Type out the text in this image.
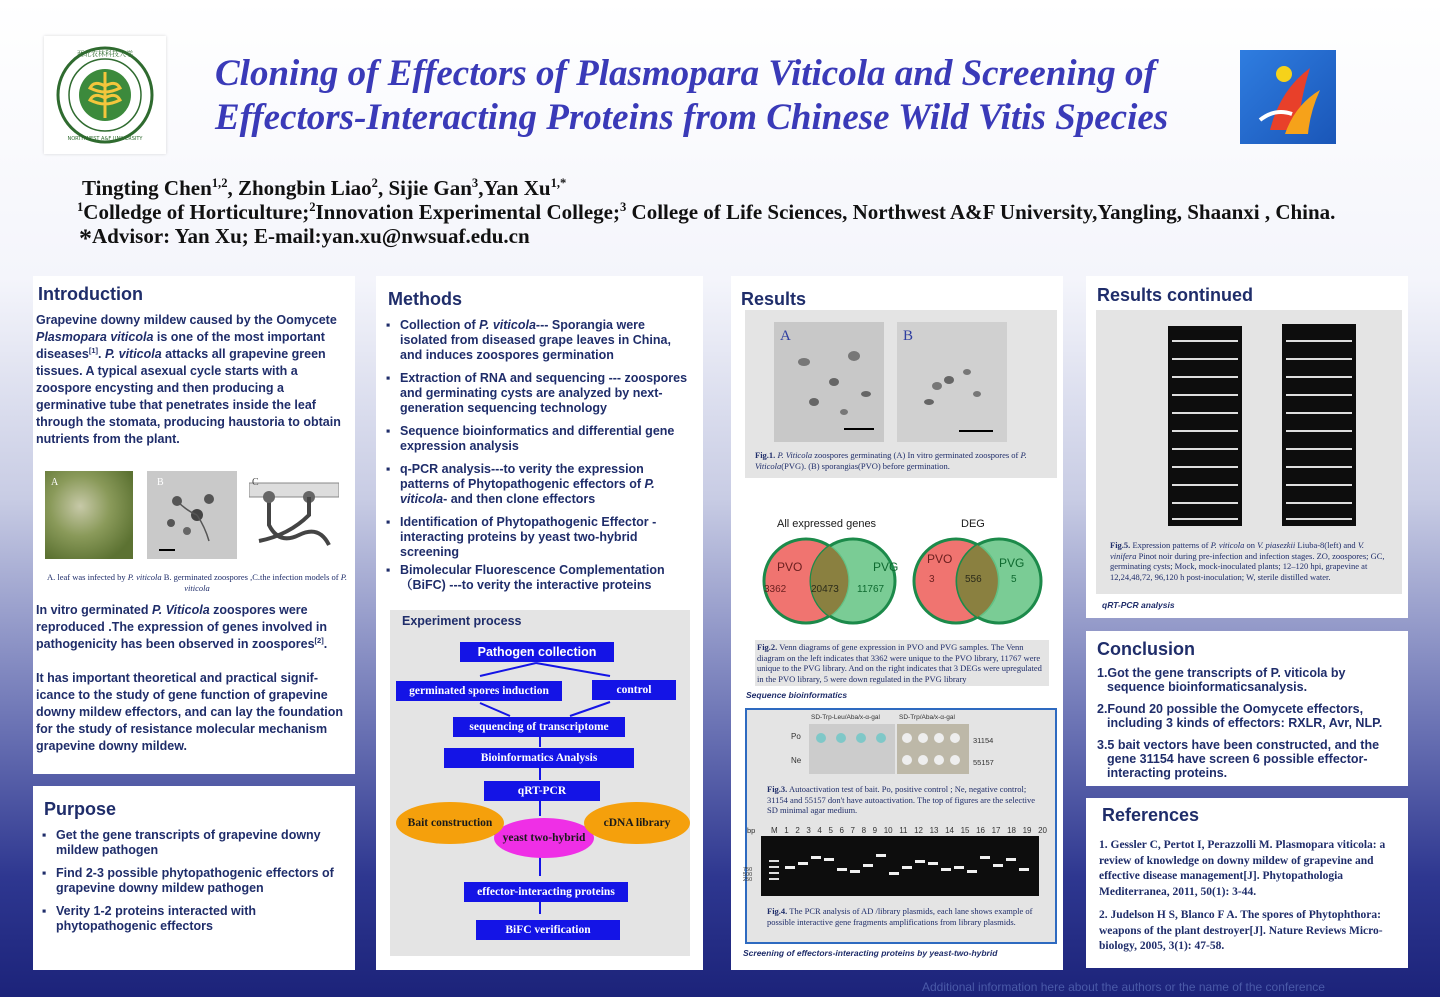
西北农林科技大学
NORTHWEST A&F UNIVERSITY
Cloning of Effectors of Plasmopara Viticola and Screening of
Effectors-Interacting Proteins from Chinese Wild Vitis Species
Tingting Chen$^{1,2}$, Zhongbin Liao$^2$, Sijie Gan$^3$,Yan $Xu^{1,*}$
$^1$Colledge of Horticulture;$^2$Innovation Experimental College;$^3$ College of Life Sciences, Northwest A&F University,Yangling, Shaanxi , China.
*Advisor: Yan Xu; E-mail:yan.xu@nwsuaf.edu.cn
Introduction
Grapevine downy mildew caused by the Oomycete Plasmopara viticola is one of the most important diseases[1]. P. viticola attacks all grapevine green tissues. A typical asexual cycle starts with a zoospore encysting and then producing a germinative tube that penetrates inside the leaf through the stomata, producing haustoria to obtain nutrients from the plant.
A	B	C
A. leaf was infected by P. viticola B. germinated zoospores ,C.the infection models of P. viticola
In vitro germinated P. Viticola zoospores were reproduced .The expression of genes involved in pathogenicity has been observed in zoospores[2].
It has important theoretical and practical signif-icance to the study of gene function of grapevine downy mildew effectors, and can lay the foundation for the study of resistance molecular mechanism grapevine downy mildew.
Purpose
▪ Get the gene transcripts of grapevine downy mildew pathogen
▪ Find 2-3 possible phytopathogenic effectors of grapevine downy mildew pathogen
▪ Verity 1-2 proteins interacted with phytopathogenic effectors
Methods
▪ Collection of P. viticola--- Sporangia were isolated from diseased grape leaves in China, and induces zoospores germination
▪ Extraction of RNA and sequencing --- zoospores and germinating cysts are analyzed by next-generation sequencing technology
▪ Sequence bioinformatics and differential gene expression analysis
▪ q-PCR analysis---to verity the expression patterns of Phytopathogenic effectors of P. viticola- and then clone effectors
▪ Identification of Phytopathogenic Effector -interacting proteins by yeast two-hybrid screening
▪ Bimolecular Fluorescence Complementation （BiFC) ---to verity the interactive proteins
Experiment process
Pathogen collection
germinated spores induction	control
sequencing of transcriptome
Bioinformatics Analysis
qRT-PCR
yeast two-hybrid
Bait construction	cDNA library
effector-interacting proteins
BiFC verification
Results
A	B
Fig.1. P. Viticola zoospores germinating (A) In vitro germinated zoospores of P. Viticola(PVG). (B) sporangias(PVO) before germination.
All expressed genes
PVO	PVG
3362 20473 11767
DEG
PVO	PVG
3	556	5
Fig.2. Venn diagrams of gene expression in PVO and PVG samples. The Venn diagram on the left indicates that 3362 were unique to the PVO library, 11767 were unique to the PVG library. And on the right indicates that 3 DEGs were upregulated in the PVO library, 5 were down regulated in the PVG library
Sequence bioinformatics
SD-Trp-Leu/Aba/x-α-gal	SD-Trp/Aba/x-α-gal
Po
Ne
31154
55157
Fig.3. Autoactivation test of bait. Po, positive control ; Ne, negative control; 31154 and 55157 don't have autoactivation. The top of figures are the selective SD minimal agar medium.
bp M 1 2 3 4 5 6 7 8 9 10 11 12 13 14 15 16 17 18 19 20
750
500
250
Fig.4. The PCR analysis of AD /library plasmids, each lane shows example of possible interactive gene fragments amplifications from library plasmids.
Screening of effectors-interacting proteins by yeast-two-hybrid
Results continued
Fig.5. Expression patterns of P. viticola on V. piasezkii Liuba-8(left) and V. vinifera Pinot noir during pre-infection and infection stages. ZO, zoospores; GC, germinating cysts; Mock, mock-inoculated plants; 12–120 hpi, grapevine at 12,24,48,72, 96,120 h post-inoculation; W, sterile distilled water.
qRT-PCR analysis
Conclusion
1.Got the gene transcripts of P. viticola by sequence bioinformaticsanalysis.
2.Found 20 possible the Oomycete effectors, including 3 kinds of effectors: RXLR, Avr, NLP.
3.5 bait vectors have been constructed, and the gene 31154 have screen 6 possible effector-interacting proteins.
References
1. Gessler C, Pertot I, Perazzolli M. Plasmopara viticola: a review of knowledge on downy mildew of grapevine and effective disease management[J]. Phytopathologia Mediterranea, 2011, 50(1): 3-44.
2. Judelson H S, Blanco F A. The spores of Phytophthora: weapons of the plant destroyer[J]. Nature Reviews Micro-biology, 2005, 3(1): 47-58.
Additional information here about the authors or the name of the conference
